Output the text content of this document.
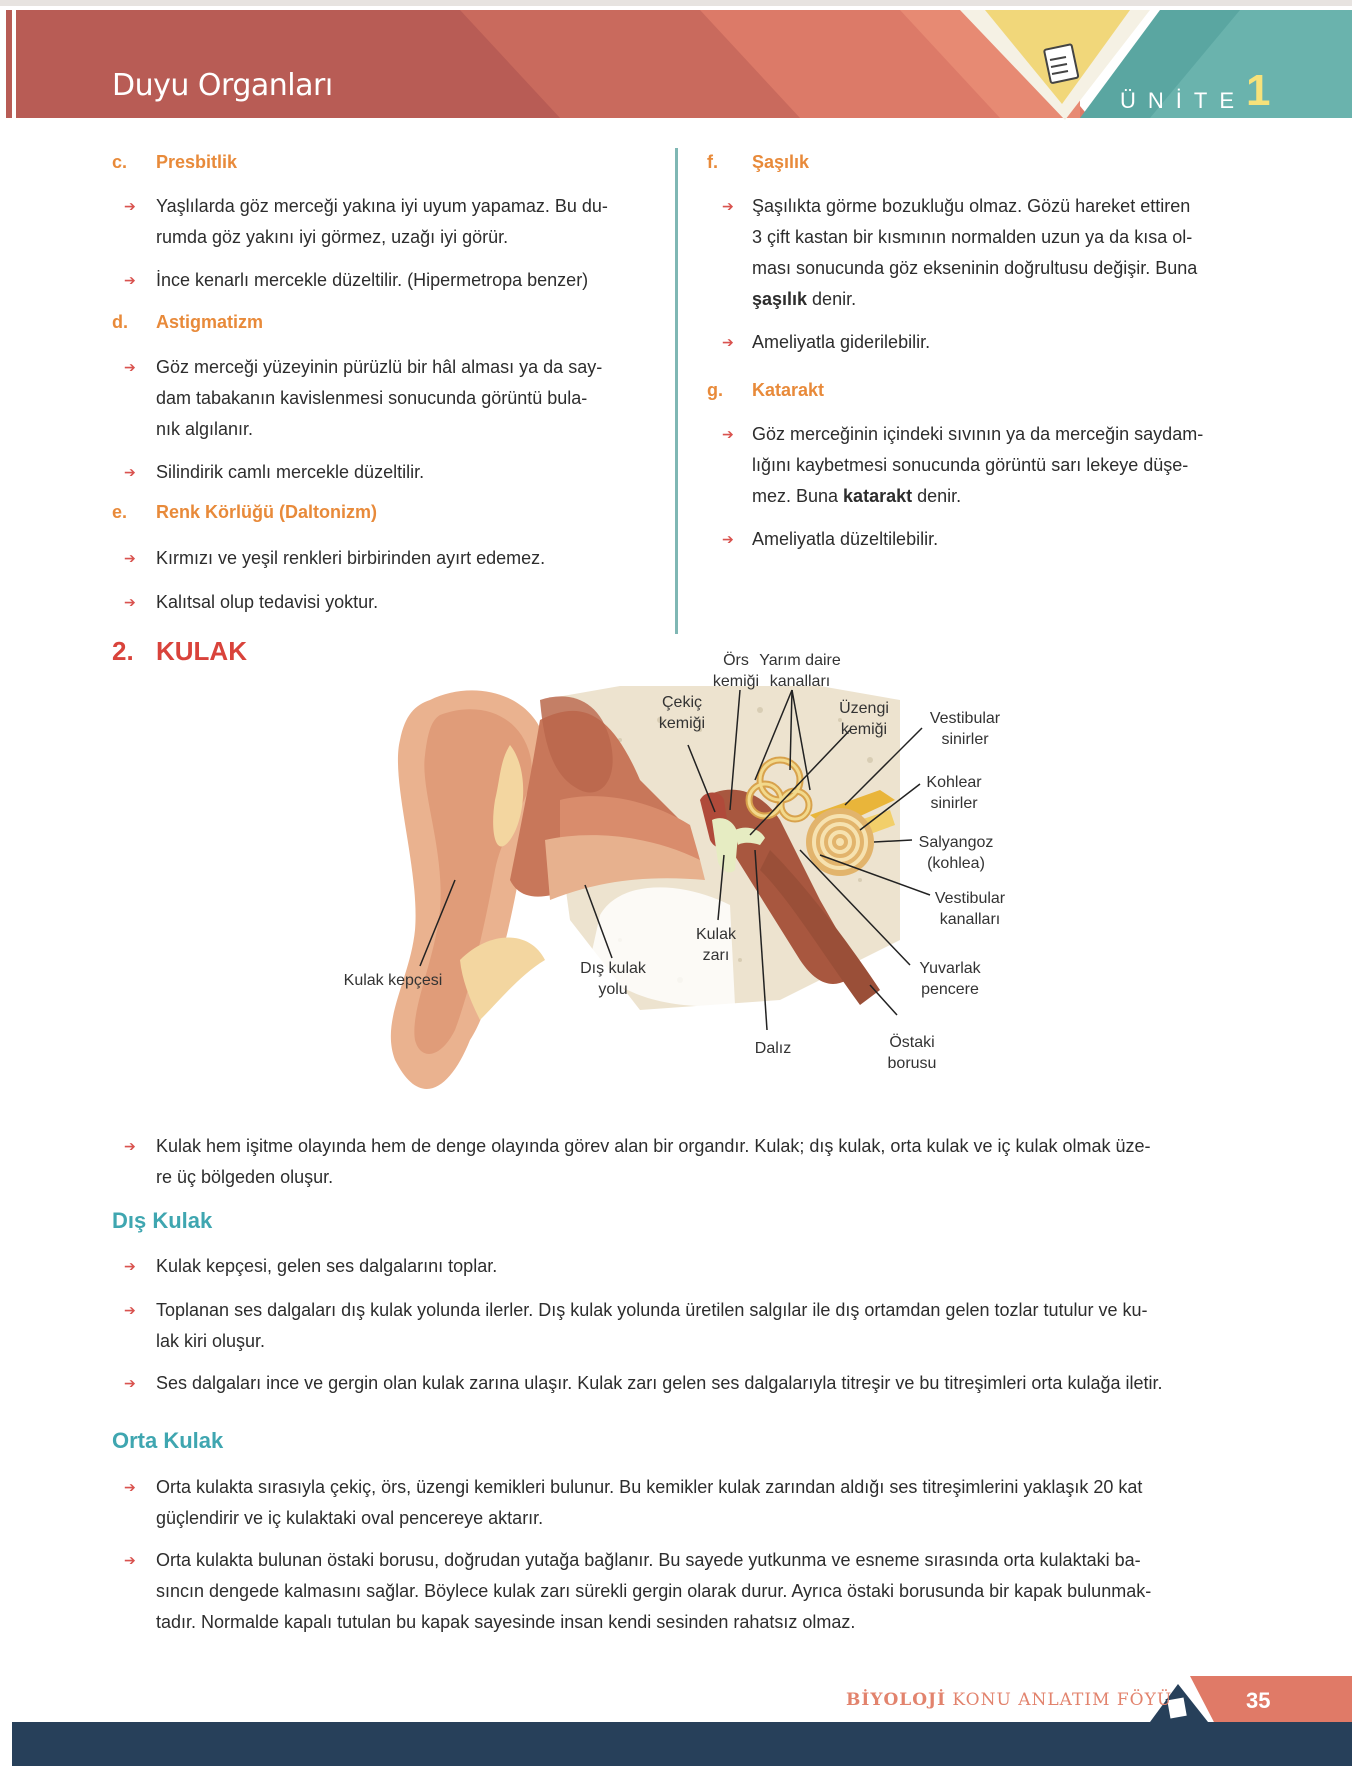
Duyu Organları	ÜNİTE 1
c. Presbitlik
➔ Yaşlılarda göz merceği yakına iyi uyum yapamaz. Bu du-
rumda göz yakını iyi görmez, uzağı iyi görür.
➔ İnce kenarlı mercekle düzeltilir. (Hipermetropa benzer)
d. Astigmatizm
➔ Göz merceği yüzeyinin pürüzlü bir hâl alması ya da say-
dam tabakanın kavislenmesi sonucunda görüntü bula-
nık algılanır.
➔ Silindirik camlı mercekle düzeltilir.
e. Renk Körlüğü (Daltonizm)
➔ Kırmızı ve yeşil renkleri birbirinden ayırt edemez.
➔ Kalıtsal olup tedavisi yoktur.
f. Şaşılık
➔ Şaşılıkta görme bozukluğu olmaz. Gözü hareket ettiren
3 çift kastan bir kısmının normalden uzun ya da kısa ol-
ması sonucunda göz ekseninin doğrultusu değişir. Buna
şaşılık denir.
➔ Ameliyatla giderilebilir.
g. Katarakt
➔ Göz merceğinin içindeki sıvının ya da merceğin saydam-
lığını kaybetmesi sonucunda görüntü sarı lekeye düşe-
mez. Buna katarakt denir.
➔ Ameliyatla düzeltilebilir.
2. KULAK	Örs
kemiği
Yarım daire
kanalları
Çekiç
kemiği
Üzengi
kemiği
Vestibular
sinirler
Kohlear
sinirler
Salyangoz
(kohlea)
Vestibular
kanalları
Yuvarlak
pencere
Östaki
borusu
Dalız
Kulak
zarı
Dış kulak
yolu
Kulak kepçesi
➔ Kulak hem işitme olayında hem de denge olayında görev alan bir organdır. Kulak; dış kulak, orta kulak ve iç kulak olmak üze-
re üç bölgeden oluşur.
Dış Kulak
➔ Kulak kepçesi, gelen ses dalgalarını toplar.
➔ Toplanan ses dalgaları dış kulak yolunda ilerler. Dış kulak yolunda üretilen salgılar ile dış ortamdan gelen tozlar tutulur ve ku-
lak kiri oluşur.
➔ Ses dalgaları ince ve gergin olan kulak zarına ulaşır. Kulak zarı gelen ses dalgalarıyla titreşir ve bu titreşimleri orta kulağa iletir.
Orta Kulak
➔ Orta kulakta sırasıyla çekiç, örs, üzengi kemikleri bulunur. Bu kemikler kulak zarından aldığı ses titreşimlerini yaklaşık 20 kat
güçlendirir ve iç kulaktaki oval pencereye aktarır.
➔ Orta kulakta bulunan östaki borusu, doğrudan yutağa bağlanır. Bu sayede yutkunma ve esneme sırasında orta kulaktaki ba-
sıncın dengede kalmasını sağlar. Böylece kulak zarı sürekli gergin olarak durur. Ayrıca östaki borusunda bir kapak bulunmak-
tadır. Normalde kapalı tutulan bu kapak sayesinde insan kendi sesinden rahatsız olmaz.
BİYOLOJİ KONU ANLATIM FÖYÜ	35
